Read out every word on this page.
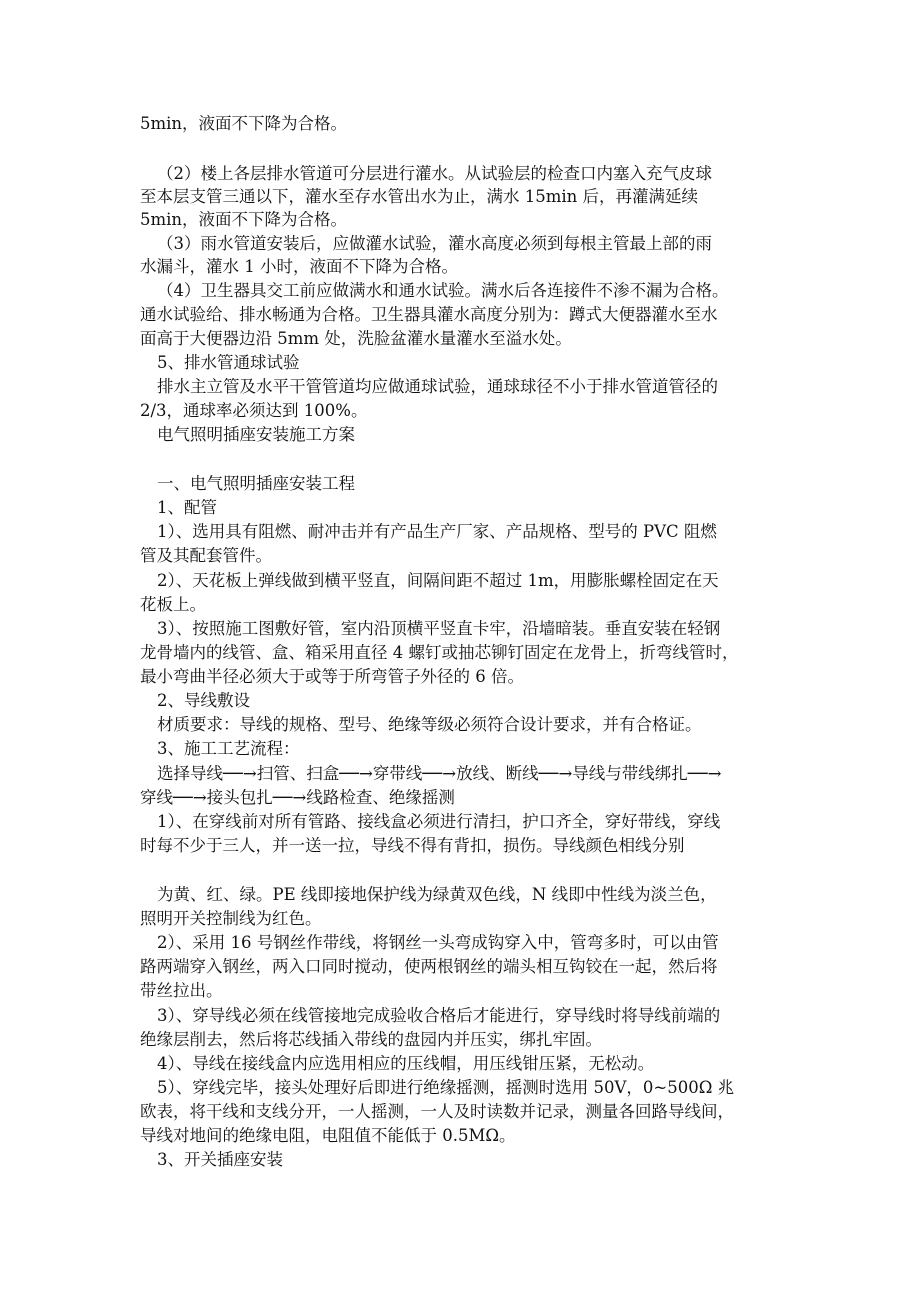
5min，液面不下降为合格。
（2）楼上各层排水管道可分层进行灌水。从试验层的检查口内塞入充气皮球
至本层支管三通以下，灌水至存水管出水为止，满水 15min 后，再灌满延续
5min，液面不下降为合格。
（3）雨水管道安装后，应做灌水试验，灌水高度必须到每根主管最上部的雨
水漏斗，灌水 1 小时，液面不下降为合格。
（4）卫生器具交工前应做满水和通水试验。满水后各连接件不渗不漏为合格。
通水试验给、排水畅通为合格。卫生器具灌水高度分别为：蹲式大便器灌水至水
面高于大便器边沿 5mm 处，洗脸盆灌水量灌水至溢水处。
5、排水管通球试验
排水主立管及水平干管管道均应做通球试验，通球球径不小于排水管道管径的
2/3，通球率必须达到 100%。
电气照明插座安装施工方案
一、电气照明插座安装工程
1、配管
1）、选用具有阻燃、耐冲击并有产品生产厂家、产品规格、型号的 PVC 阻燃
管及其配套管件。
2）、天花板上弹线做到横平竖直，间隔间距不超过 1m，用膨胀螺栓固定在天
花板上。
3）、按照施工图敷好管，室内沿顶横平竖直卡牢，沿墙暗装。垂直安装在轻钢
龙骨墙内的线管、盒、箱采用直径 4 螺钉或抽芯铆钉固定在龙骨上，折弯线管时，
最小弯曲半径必须大于或等于所弯管子外径的 6 倍。
2、导线敷设
材质要求：导线的规格、型号、绝缘等级必须符合设计要求，并有合格证。
3、施工工艺流程：
选择导线──→扫管、扫盒──→穿带线──→放线、断线──→导线与带线绑扎──→
穿线──→接头包扎──→线路检查、绝缘摇测
1）、在穿线前对所有管路、接线盒必须进行清扫，护口齐全，穿好带线，穿线
时每不少于三人，并一送一拉，导线不得有背扣，损伤。导线颜色相线分别
为黄、红、绿。PE 线即接地保护线为绿黄双色线，N 线即中性线为淡兰色，
照明开关控制线为红色。
2）、采用 16 号钢丝作带线，将钢丝一头弯成钩穿入中，管弯多时，可以由管
路两端穿入钢丝，两入口同时搅动，使两根钢丝的端头相互钩铰在一起，然后将
带丝拉出。
3）、穿导线必须在线管接地完成验收合格后才能进行，穿导线时将导线前端的
绝缘层削去，然后将芯线插入带线的盘园内并压实，绑扎牢固。
4）、导线在接线盒内应选用相应的压线帽，用压线钳压紧，无松动。
5）、穿线完毕，接头处理好后即进行绝缘摇测，摇测时选用 50V，0~500Ω 兆
欧表，将干线和支线分开，一人摇测，一人及时读数并记录，测量各回路导线间，
导线对地间的绝缘电阻，电阻值不能低于 0.5MΩ。
3、开关插座安装
